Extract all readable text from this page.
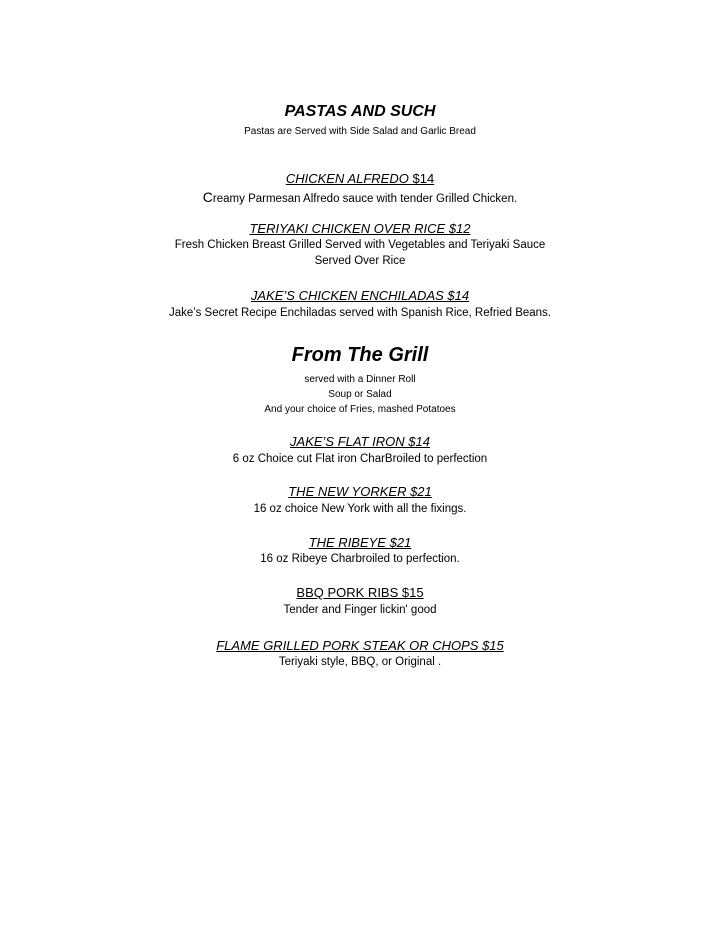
PASTAS AND SUCH
Pastas are Served with Side Salad and Garlic Bread
CHICKEN ALFREDO $14
Creamy Parmesan Alfredo sauce with tender Grilled Chicken.
TERIYAKI CHICKEN OVER RICE $12
Fresh Chicken Breast Grilled Served with Vegetables and Teriyaki Sauce
Served Over Rice
JAKE’S CHICKEN ENCHILADAS $14
Jake’s Secret Recipe Enchiladas served with Spanish Rice, Refried Beans.
From The Grill
served with a Dinner Roll
Soup or Salad
And your choice of Fries, mashed Potatoes
JAKE’S FLAT IRON $14
6 oz Choice cut Flat iron CharBroiled to perfection
THE NEW YORKER $21
16 oz choice New York with all the fixings.
THE RIBEYE $21
16 oz Ribeye Charbroiled to perfection.
BBQ PORK RIBS $15
Tender and Finger lickin' good
FLAME GRILLED PORK STEAK OR CHOPS $15
Teriyaki style, BBQ, or Original .
